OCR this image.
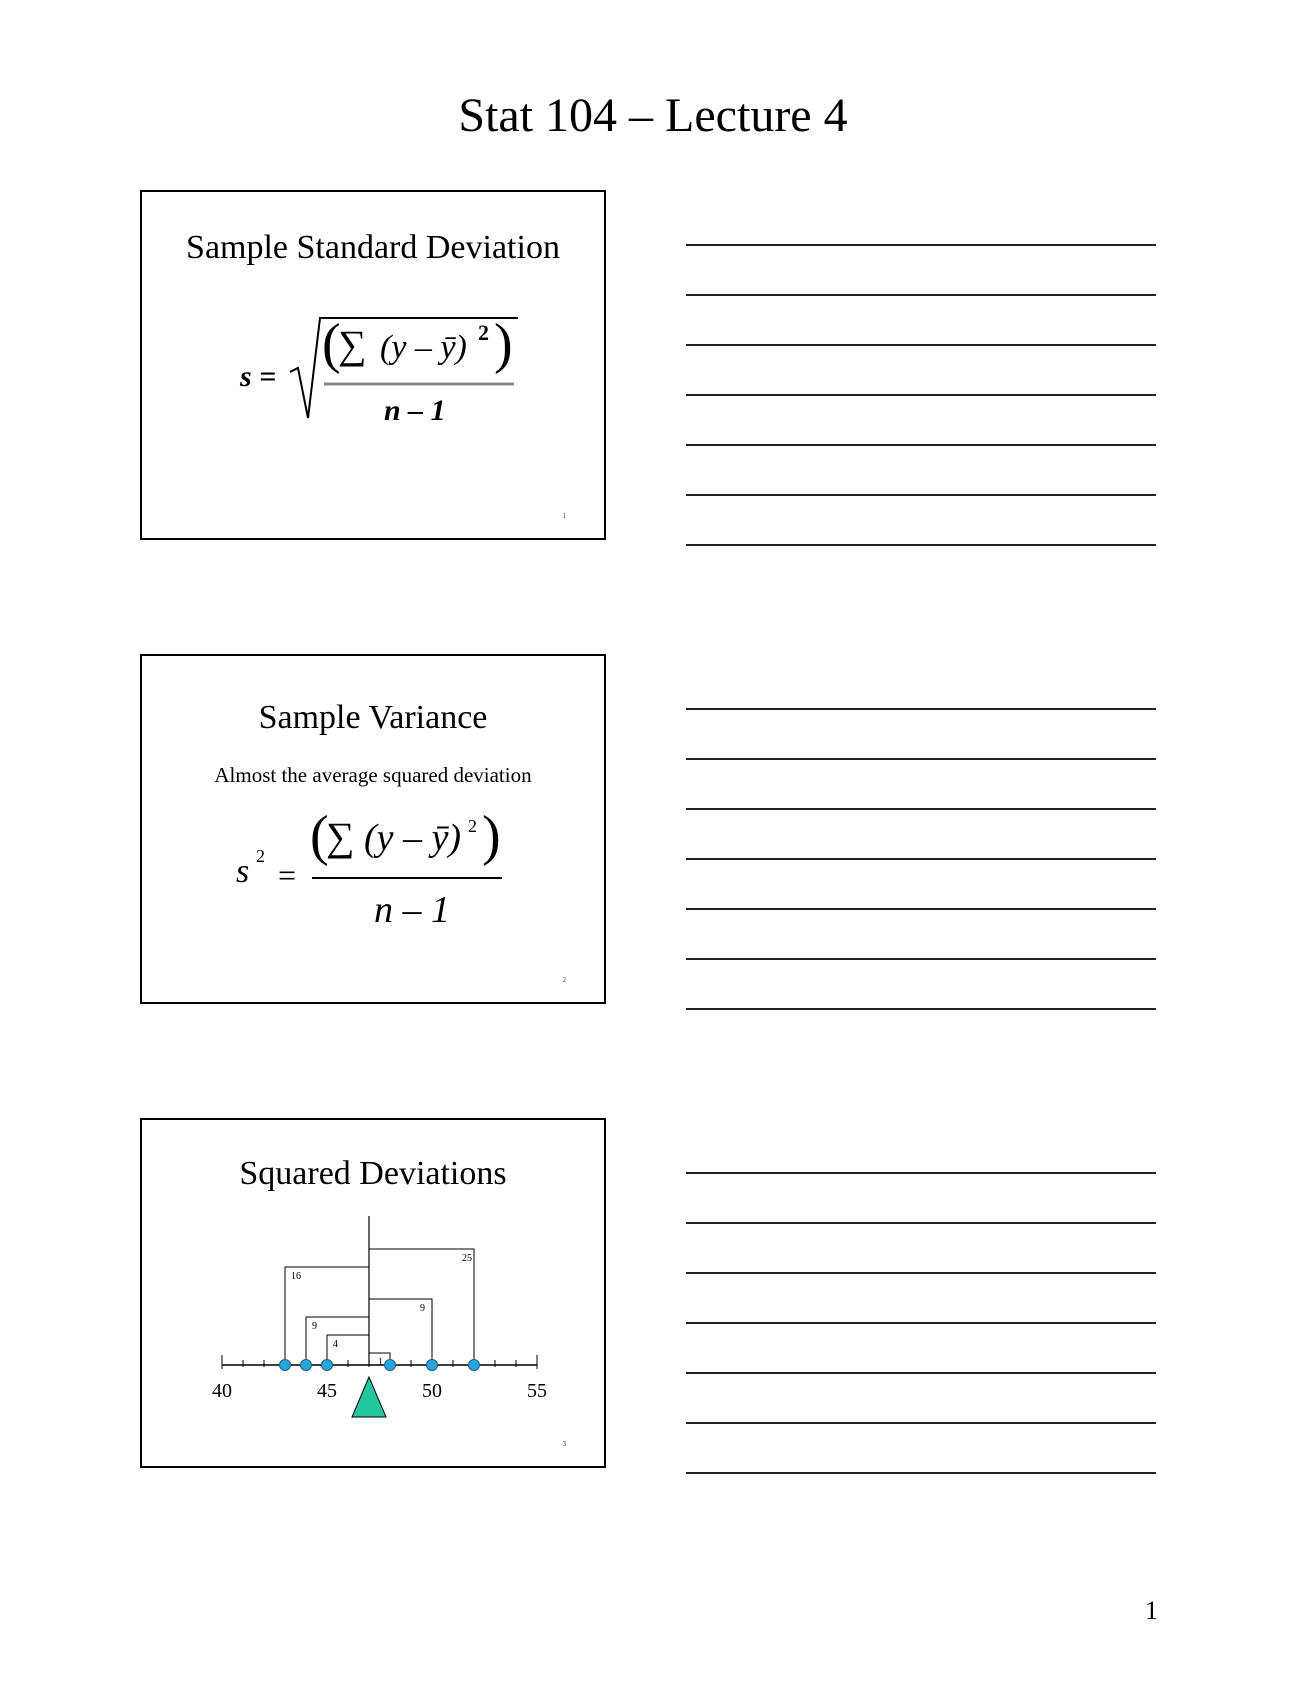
Stat 104 – Lecture 4
Sample Standard Deviation
s =
(
∑ (y – ȳ) 2 )
n – 1
1
Sample Variance
Almost the average squared deviation
s 2
=
(
∑ (y – ȳ) 2 )
n – 1
2
Squared Deviations
40	45	50	55
16
9
4
1
9
25
3
1
